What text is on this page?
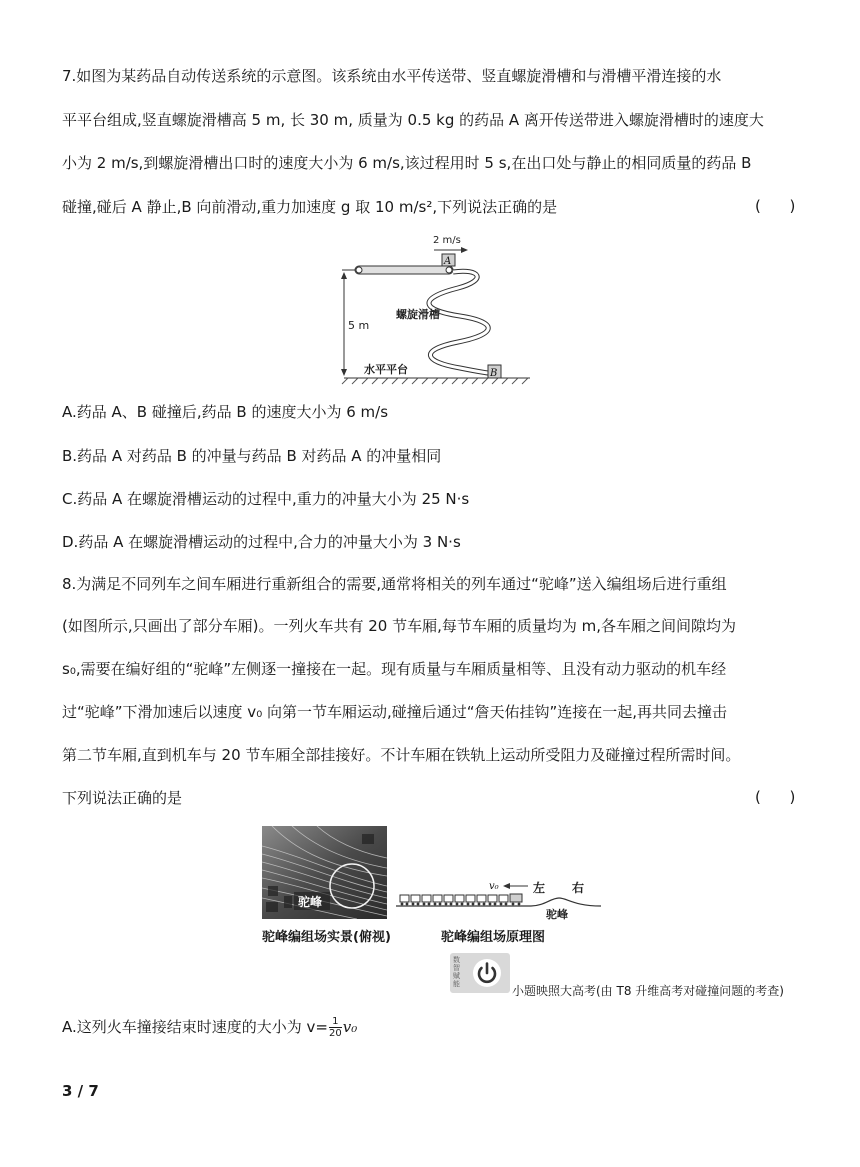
7.如图为某药品自动传送系统的示意图。该系统由水平传送带、竖直螺旋滑槽和与滑槽平滑连接的水
平平台组成,竖直螺旋滑槽高 5 m, 长 30 m, 质量为 0.5 kg 的药品 A 离开传送带进入螺旋滑槽时的速度大
小为 2 m/s,到螺旋滑槽出口时的速度大小为 6 m/s,该过程用时 5 s,在出口处与静止的相同质量的药品 B
碰撞,碰后 A 静止,B 向前滑动,重力加速度 g 取 10 m/s²,下列说法正确的是	(      )
5 m
A
2 m/s
螺旋滑槽
水平平台	B
A.药品 A、B 碰撞后,药品 B 的速度大小为 6 m/s
B.药品 A 对药品 B 的冲量与药品 B 对药品 A 的冲量相同
C.药品 A 在螺旋滑槽运动的过程中,重力的冲量大小为 25 N·s
D.药品 A 在螺旋滑槽运动的过程中,合力的冲量大小为 3 N·s
8.为满足不同列车之间车厢进行重新组合的需要,通常将相关的列车通过“驼峰”送入编组场后进行重组
(如图所示,只画出了部分车厢)。一列火车共有 20 节车厢,每节车厢的质量均为 m,各车厢之间间隙均为
s₀,需要在编好组的“驼峰”左侧逐一撞接在一起。现有质量与车厢质量相等、且没有动力驱动的机车经
过“驼峰”下滑加速后以速度 v₀ 向第一节车厢运动,碰撞后通过“詹天佑挂钩”连接在一起,再共同去撞击
第二节车厢,直到机车与 20 节车厢全部挂接好。不计车厢在铁轨上运动所受阻力及碰撞过程所需时间。
下列说法正确的是	(      )
驼峰
v₀	左 右
驼峰
驼峰编组场实景(俯视)	驼峰编组场原理图
数智赋能	小题映照大高考(由 T8 升维高考对碰撞问题的考查)
A.这列火车撞接结束时速度的大小为 $v= \frac{1}{20} v_0$
3 / 7
